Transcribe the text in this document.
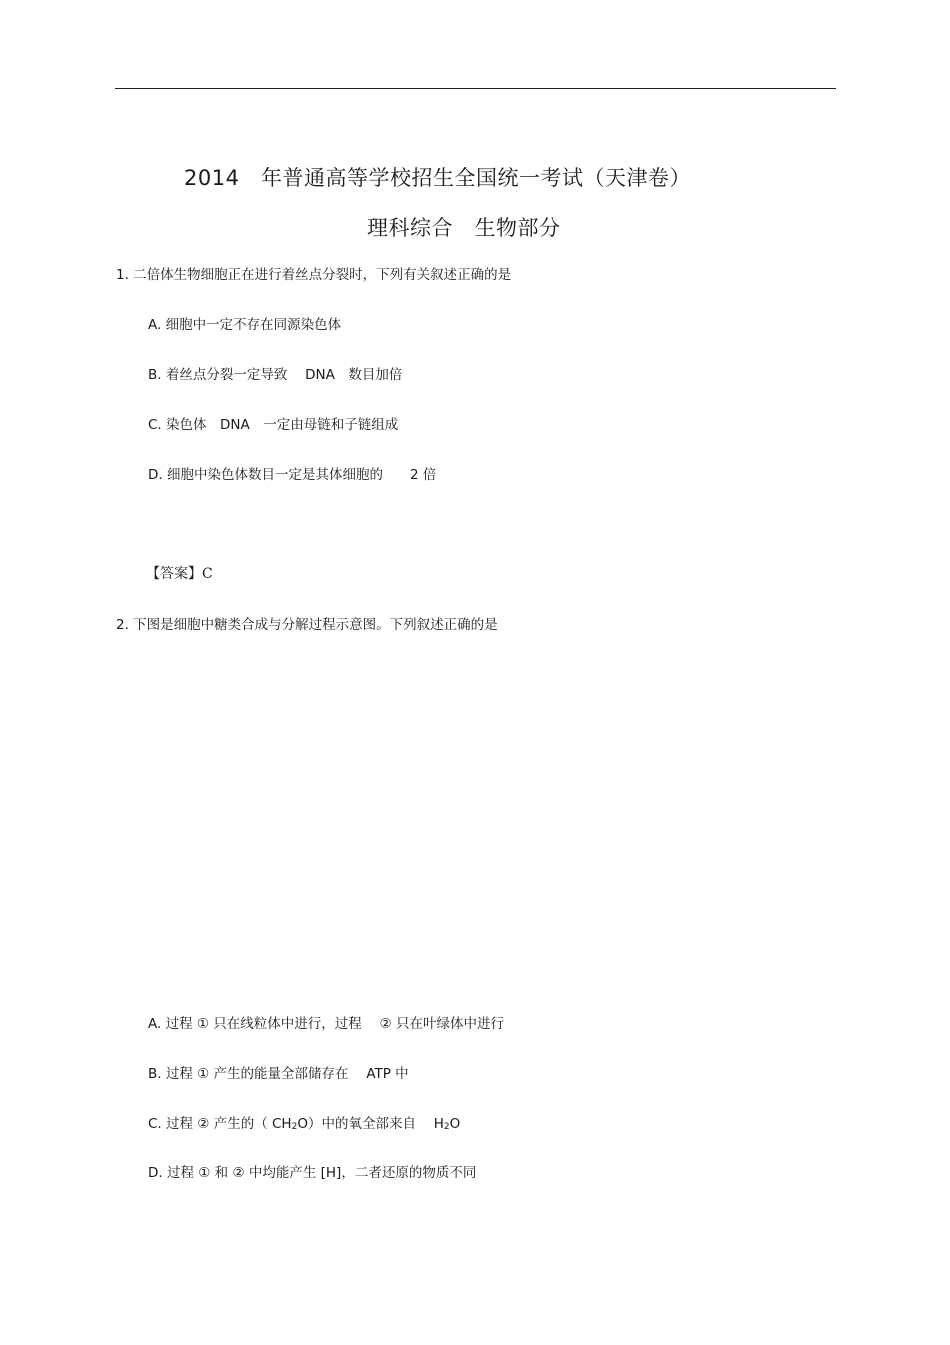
2014　年普通高等学校招生全国统一考试（天津卷）
理科综合　生物部分
1. 二倍体生物细胞正在进行着丝点分裂时，下列有关叙述正确的是
A. 细胞中一定不存在同源染色体
B. 着丝点分裂一定导致　 DNA　数目加倍
C. 染色体　DNA　一定由母链和子链组成
D. 细胞中染色体数目一定是其体细胞的　　2 倍
【答案】C
2. 下图是细胞中糖类合成与分解过程示意图。下列叙述正确的是
A. 过程 ① 只在线粒体中进行，过程　 ② 只在叶绿体中进行
B. 过程 ① 产生的能量全部储存在　 ATP 中
C. 过程 ② 产生的（ CH2O）中的氧全部来自　 H2O
D. 过程 ① 和 ② 中均能产生 [H]，二者还原的物质不同
